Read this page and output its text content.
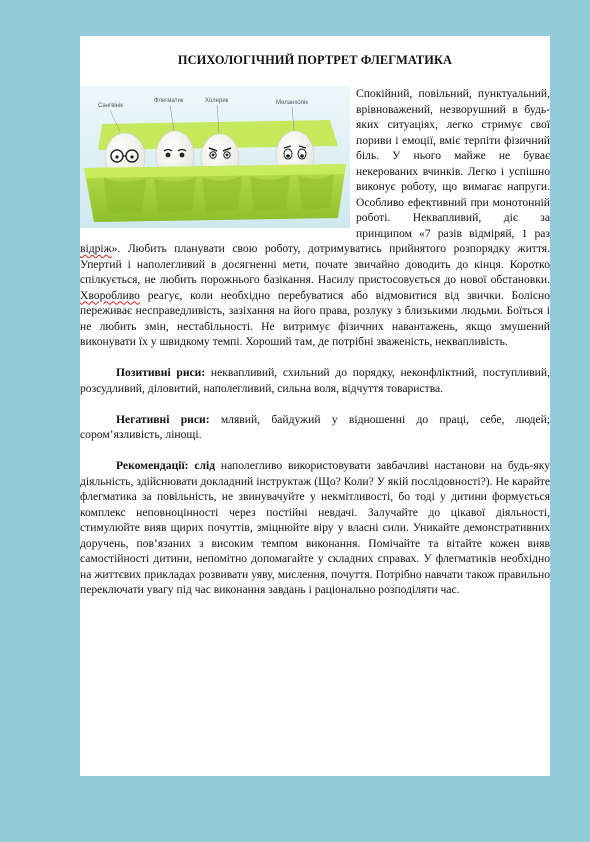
ПСИХОЛОГІЧНИЙ ПОРТРЕТ ФЛЕГМАТИКА
Сангвінік
Флегматик	Холерик	Меланхолік

Спокійний, повільний, пунктуальний, врівноважений, незворушний в будь-яких ситуаціях, легко стримує свої пориви і емоції, вміє терпіти фізичний біль. У нього майже не буває некерованих вчинків. Легко і успішно виконує роботу, що вимагає напруги. Особливо ефективний при монотонній роботі. Неквапливий, діє за принципом «7 разів відміряй, 1 раз відріж». Любить планувати свою роботу, дотримуватись прийнятого розпорядку життя. Упертий і наполегливий в досягненні мети, почате звичайно доводить до кінця. Коротко спілкується, не любить порожнього базікання. Насилу пристосовується до нової обстановки. Хворобливо реагує, коли необхідно перебуватися або відмовитися від звички. Болісно переживає несправедливість, зазіхання на його права, розлуку з близькими людьми. Боїться і не любить змін, нестабільності. Не витримує фізичних навантажень, якщо змушений виконувати їх у швидкому темпі. Хороший там, де потрібні зваженість, неквапливість.

Позитивні риси: неквапливий, схильний до порядку, неконфліктний, поступливий, розсудливий, діловитий, наполегливий, сильна воля, відчуття товариства.

Негативні риси: млявий, байдужий у відношенні до праці, себе, людей; сором’язливість, лінощі.

Рекомендації: слід наполегливо використовувати завбачливі настанови на будь-яку діяльність, здійснювати докладний інструктаж (Що? Коли? У якій послідовності?). Не карайте флегматика за повільність, не звинувачуйте у некмітливості, бо тоді у дитини формується комплекс неповноцінності через постійні невдачі. Залучайте до цікавої діяльності, стимулюйте вияв щирих почуттів, зміцнюйте віру у власні сили. Уникайте демонстративних доручень, пов’язаних з високим темпом виконання. Помічайте та вітайте кожен вияв самостійності дитини, непомітно допомагайте у складних справах. У флегматиків необхідно на життєвих прикладах розвивати уяву, мислення, почуття. Потрібно навчати також правильно переключати увагу під час виконання завдань і раціонально розподіляти час.
